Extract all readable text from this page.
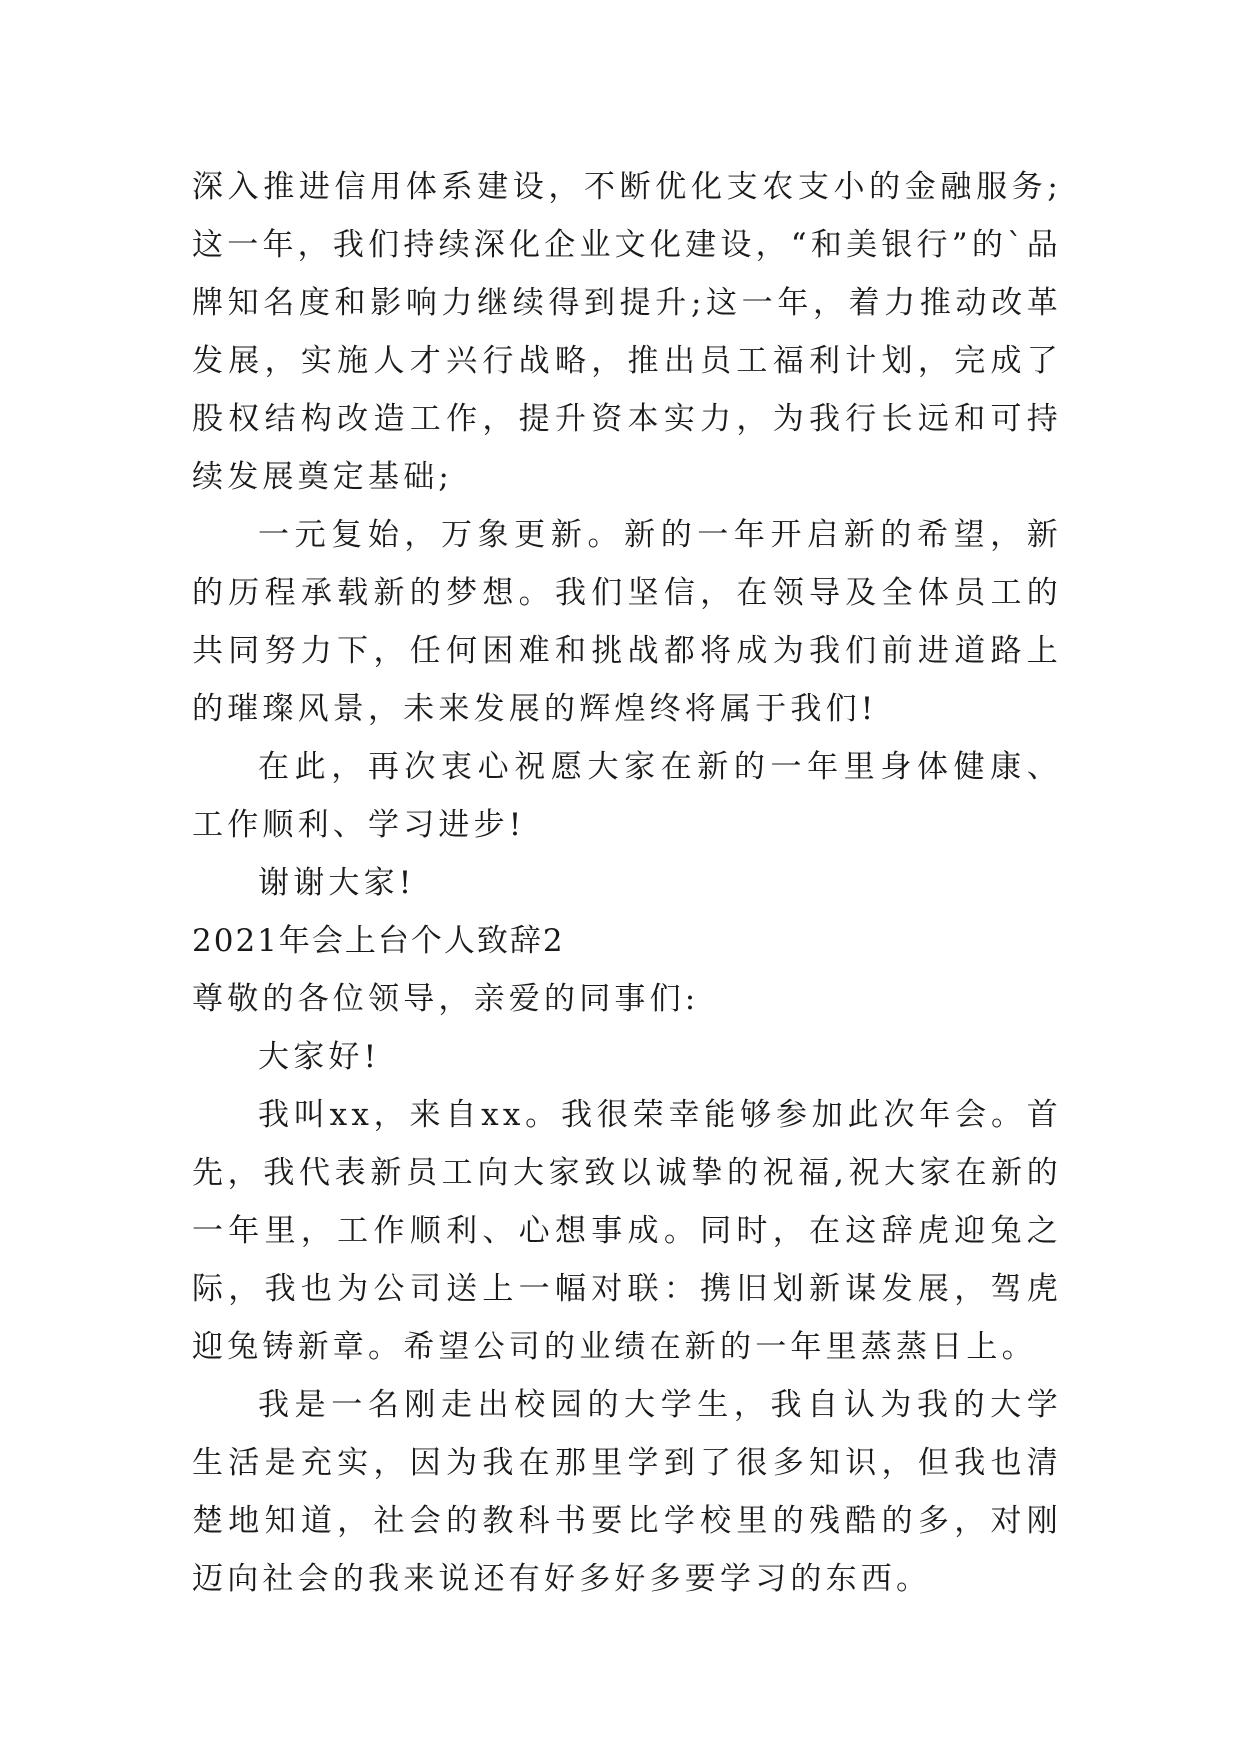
深入推进信用体系建设，不断优化支农支小的金融服务;这一年，我们持续深化企业文化建设，“和美银行”的`品牌知名度和影响力继续得到提升;这一年，着力推动改革发展，实施人才兴行战略，推出员工福利计划，完成了股权结构改造工作，提升资本实力，为我行长远和可持续发展奠定基础;

一元复始，万象更新。新的一年开启新的希望，新的历程承载新的梦想。我们坚信，在领导及全体员工的共同努力下，任何困难和挑战都将成为我们前进道路上的璀璨风景，未来发展的辉煌终将属于我们!

在此，再次衷心祝愿大家在新的一年里身体健康、工作顺利、学习进步!

谢谢大家!

2021年会上台个人致辞2

尊敬的各位领导，亲爱的同事们:

大家好!

我叫xx，来自xx。我很荣幸能够参加此次年会。首先，我代表新员工向大家致以诚挚的祝福,祝大家在新的一年里，工作顺利、心想事成。同时，在这辞虎迎兔之际，我也为公司送上一幅对联：携旧划新谋发展，驾虎迎兔铸新章。希望公司的业绩在新的一年里蒸蒸日上。

我是一名刚走出校园的大学生，我自认为我的大学生活是充实，因为我在那里学到了很多知识，但我也清楚地知道，社会的教科书要比学校里的残酷的多，对刚迈向社会的我来说还有好多好多要学习的东西。
